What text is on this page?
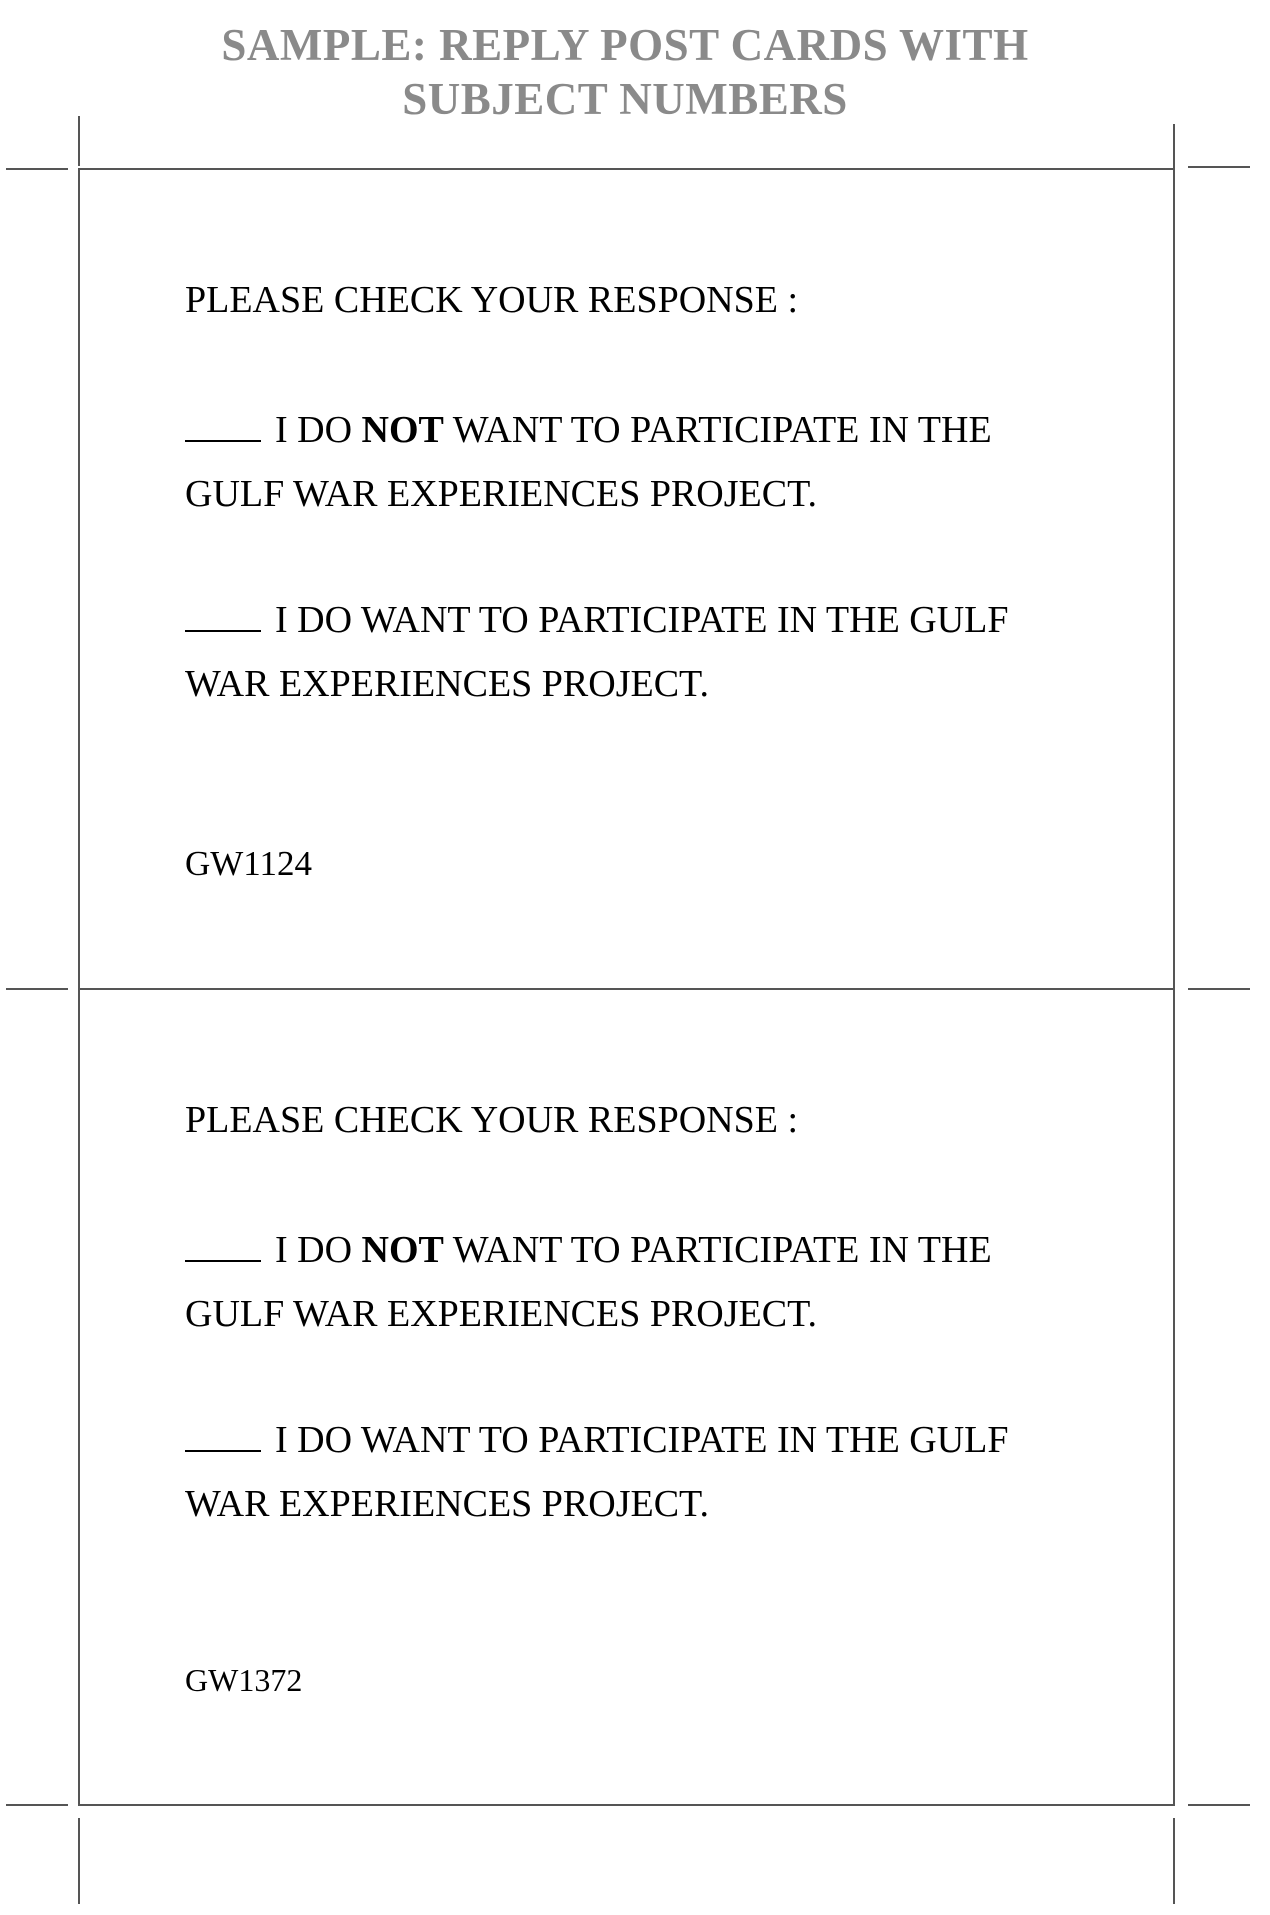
SAMPLE: REPLY POST CARDS WITH
SUBJECT NUMBERS
PLEASE CHECK YOUR RESPONSE :
I DO NOT WANT TO PARTICIPATE IN THE
GULF WAR EXPERIENCES PROJECT.
I DO WANT TO PARTICIPATE IN THE GULF
WAR EXPERIENCES PROJECT.
GW1124
PLEASE CHECK YOUR RESPONSE :
I DO NOT WANT TO PARTICIPATE IN THE
GULF WAR EXPERIENCES PROJECT.
I DO WANT TO PARTICIPATE IN THE GULF
WAR EXPERIENCES PROJECT.
GW1372
